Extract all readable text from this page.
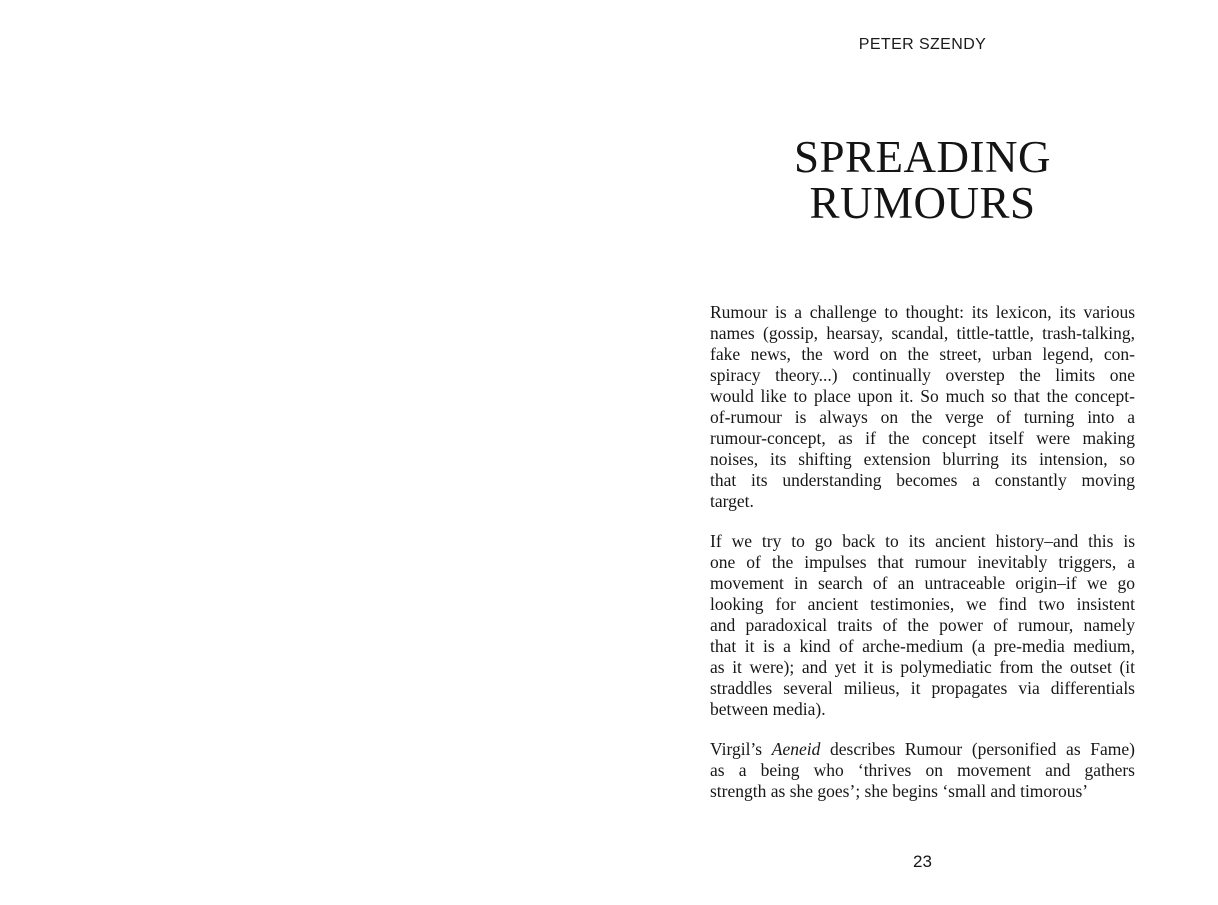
PETER SZENDY
SPREADING
RUMOURS
Rumour is a challenge to thought: its lexicon, its various
names (gossip, hearsay, scandal, tittle-tattle, trash-talking,
fake news, the word on the street, urban legend, con-
spiracy theory...) continually overstep the limits one
would like to place upon it. So much so that the concept-
of-rumour is always on the verge of turning into a
rumour-concept, as if the concept itself were making
noises, its shifting extension blurring its intension, so
that its understanding becomes a constantly moving
target.
If we try to go back to its ancient history–and this is
one of the impulses that rumour inevitably triggers, a
movement in search of an untraceable origin–if we go
looking for ancient testimonies, we find two insistent
and paradoxical traits of the power of rumour, namely
that it is a kind of arche-medium (a pre-media medium,
as it were); and yet it is polymediatic from the outset (it
straddles several milieus, it propagates via differentials
between media).
Virgil’s Aeneid describes Rumour (personified as Fame)
as a being who ‘thrives on movement and gathers
strength as she goes’; she begins ‘small and timorous’
23
